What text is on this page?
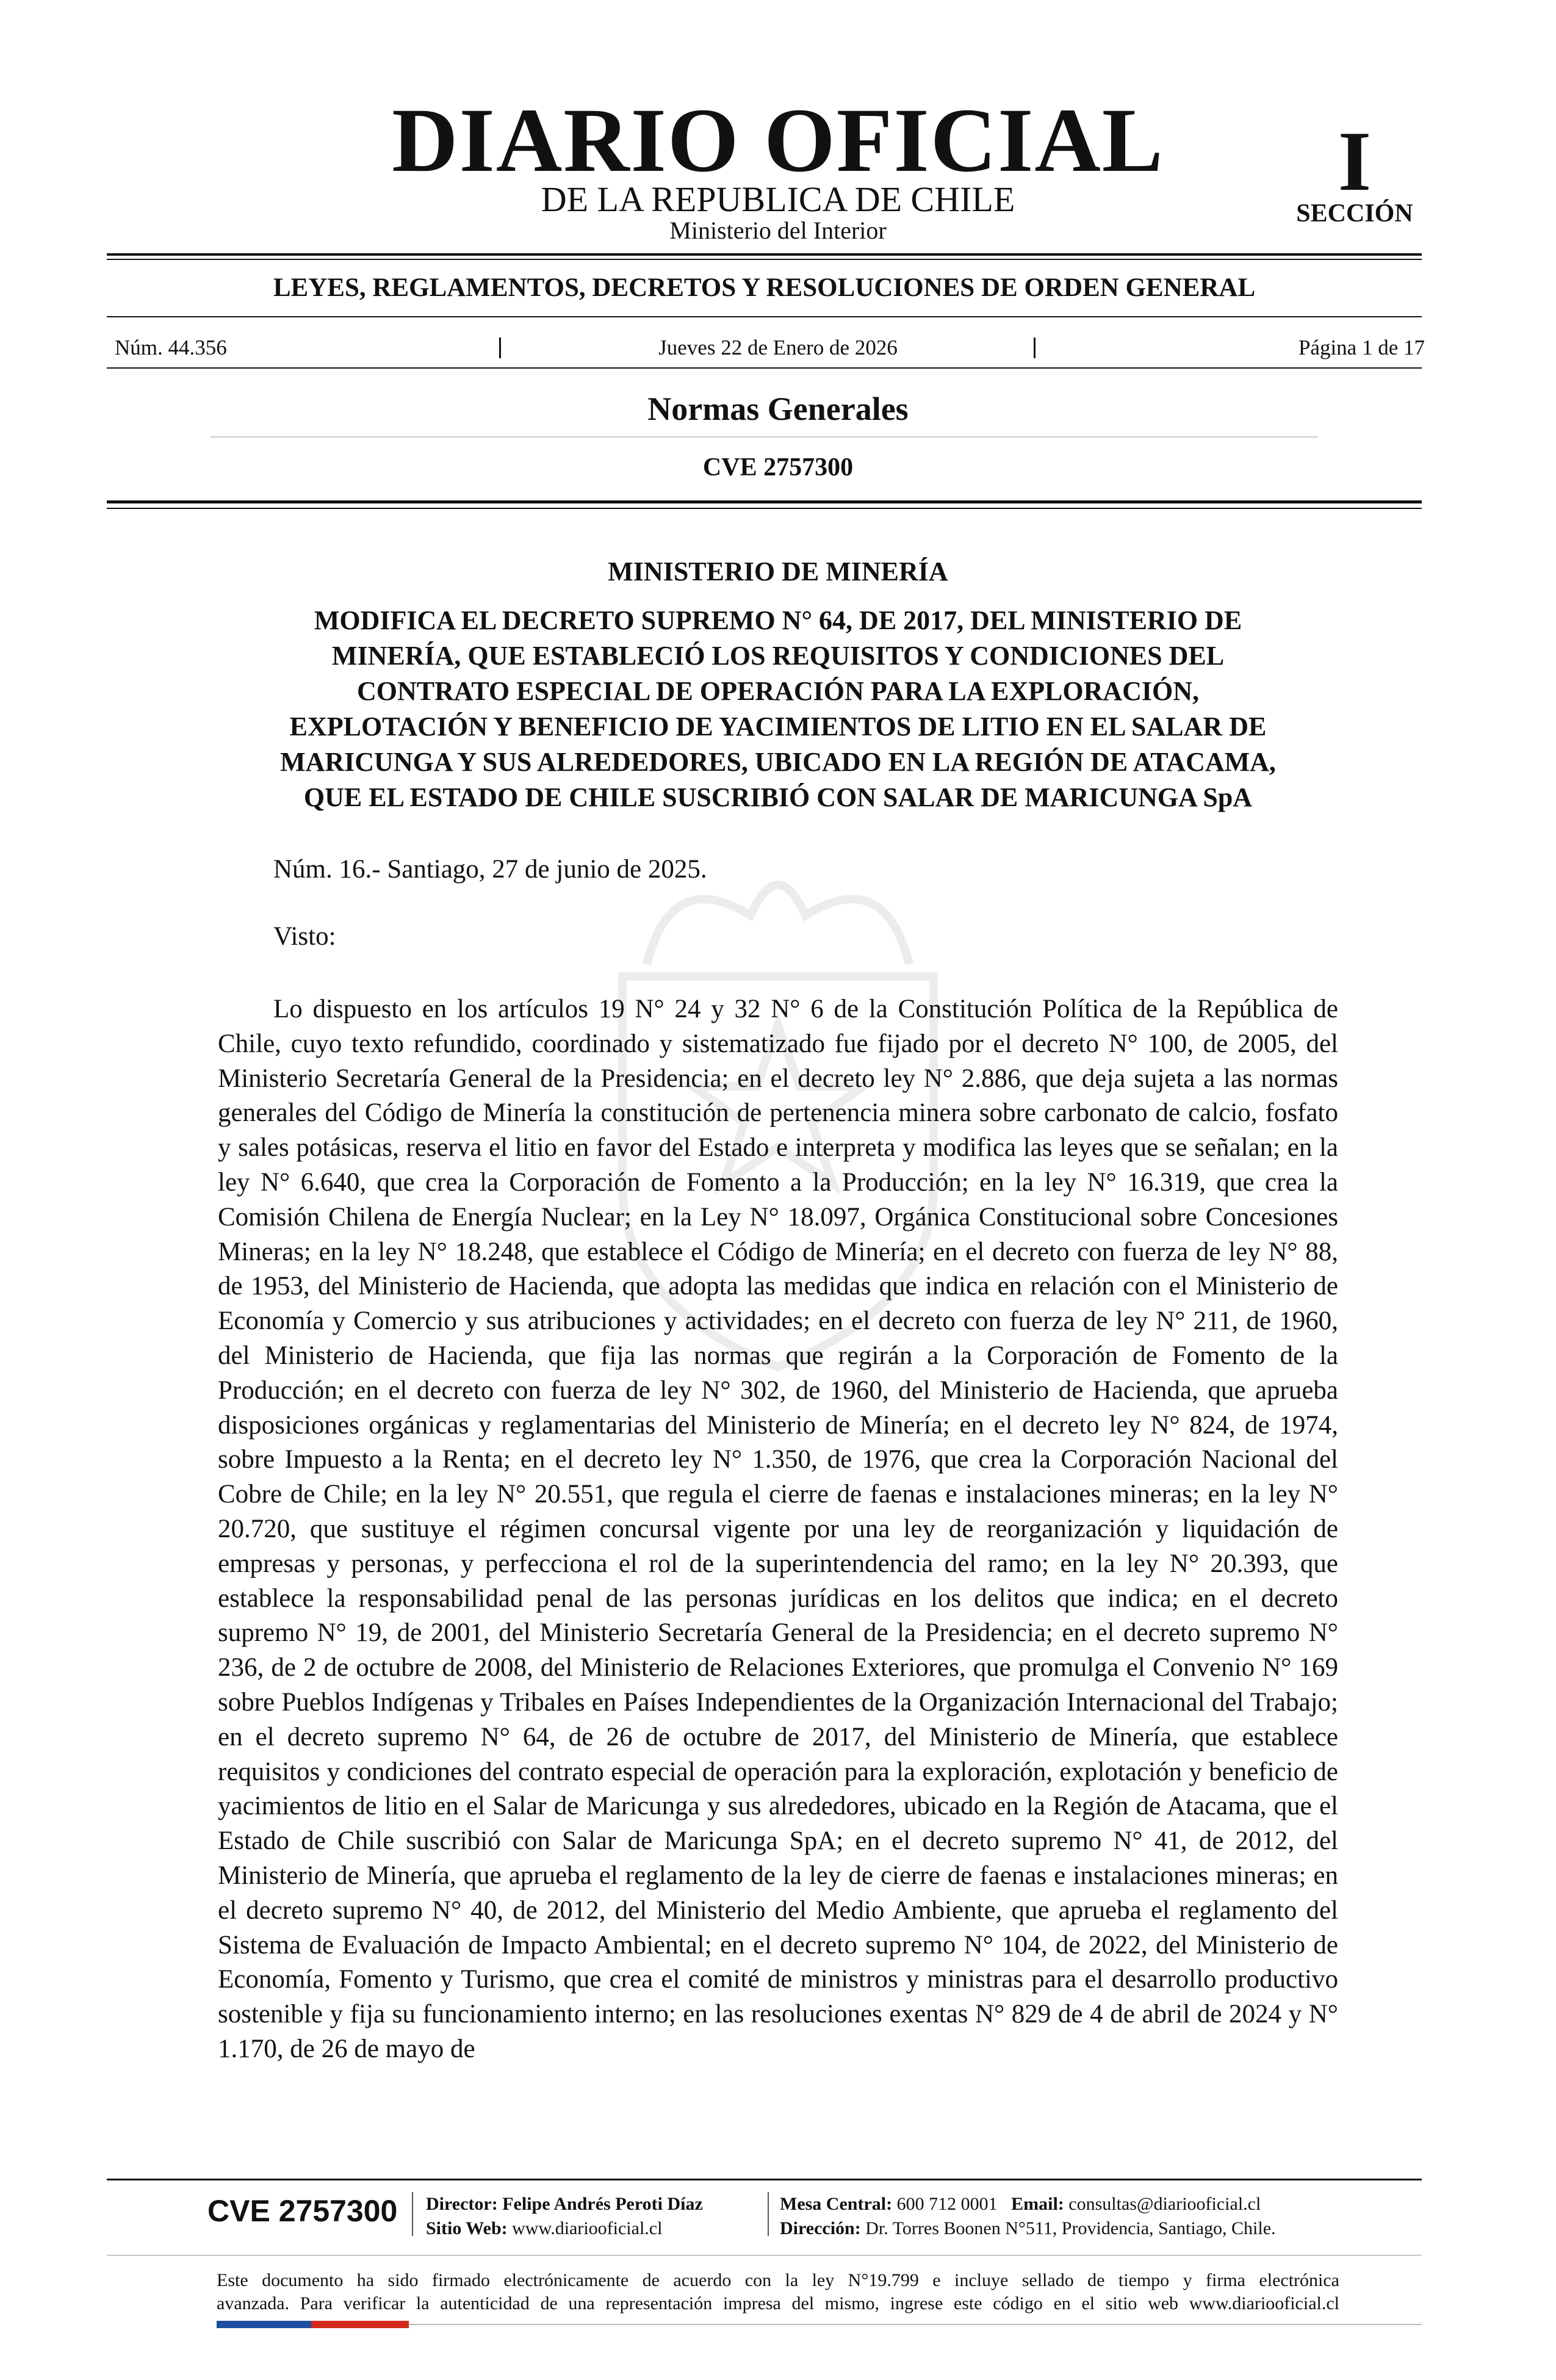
DIARIO OFICIAL
DE LA REPUBLICA DE CHILE
Ministerio del Interior
I
SECCIÓN
LEYES, REGLAMENTOS, DECRETOS Y RESOLUCIONES DE ORDEN GENERAL
Núm. 44.356	Jueves 22 de Enero de 2026	Página 1 de 17
Normas Generales
CVE 2757300
MINISTERIO DE MINERÍA
MODIFICA EL DECRETO SUPREMO N° 64, DE 2017, DEL MINISTERIO DE
MINERÍA, QUE ESTABLECIÓ LOS REQUISITOS Y CONDICIONES DEL
CONTRATO ESPECIAL DE OPERACIÓN PARA LA EXPLORACIÓN,
EXPLOTACIÓN Y BENEFICIO DE YACIMIENTOS DE LITIO EN EL SALAR DE
MARICUNGA Y SUS ALREDEDORES, UBICADO EN LA REGIÓN DE ATACAMA,
QUE EL ESTADO DE CHILE SUSCRIBIÓ CON SALAR DE MARICUNGA SpA
Núm. 16.- Santiago, 27 de junio de 2025.
Visto:

Lo dispuesto en los artículos 19 N° 24 y 32 N° 6 de la Constitución Política de la República de Chile, cuyo texto refundido, coordinado y sistematizado fue fijado por el decreto N° 100, de 2005, del Ministerio Secretaría General de la Presidencia; en el decreto ley N° 2.886, que deja sujeta a las normas generales del Código de Minería la constitución de pertenencia minera sobre carbonato de calcio, fosfato y sales potásicas, reserva el litio en favor del Estado e interpreta y modifica las leyes que se señalan; en la ley N° 6.640, que crea la Corporación de Fomento a la Producción; en la ley N° 16.319, que crea la Comisión Chilena de Energía Nuclear; en la Ley N° 18.097, Orgánica Constitucional sobre Concesiones Mineras; en la ley N° 18.248, que establece el Código de Minería; en el decreto con fuerza de ley N° 88, de 1953, del Ministerio de Hacienda, que adopta las medidas que indica en relación con el Ministerio de Economía y Comercio y sus atribuciones y actividades; en el decreto con fuerza de ley N° 211, de 1960, del Ministerio de Hacienda, que fija las normas que regirán a la Corporación de Fomento de la Producción; en el decreto con fuerza de ley N° 302, de 1960, del Ministerio de Hacienda, que aprueba disposiciones orgánicas y reglamentarias del Ministerio de Minería; en el decreto ley N° 824, de 1974, sobre Impuesto a la Renta; en el decreto ley N° 1.350, de 1976, que crea la Corporación Nacional del Cobre de Chile; en la ley N° 20.551, que regula el cierre de faenas e instalaciones mineras; en la ley N° 20.720, que sustituye el régimen concursal vigente por una ley de reorganización y liquidación de empresas y personas, y perfecciona el rol de la superintendencia del ramo; en la ley N° 20.393, que establece la responsabilidad penal de las personas jurídicas en los delitos que indica; en el decreto supremo N° 19, de 2001, del Ministerio Secretaría General de la Presidencia; en el decreto supremo N° 236, de 2 de octubre de 2008, del Ministerio de Relaciones Exteriores, que promulga el Convenio N° 169 sobre Pueblos Indígenas y Tribales en Países Independientes de la Organización Internacional del Trabajo; en el decreto supremo N° 64, de 26 de octubre de 2017, del Ministerio de Minería, que establece requisitos y condiciones del contrato especial de operación para la exploración, explotación y beneficio de yacimientos de litio en el Salar de Maricunga y sus alrededores, ubicado en la Región de Atacama, que el Estado de Chile suscribió con Salar de Maricunga SpA; en el decreto supremo N° 41, de 2012, del Ministerio de Minería, que aprueba el reglamento de la ley de cierre de faenas e instalaciones mineras; en el decreto supremo N° 40, de 2012, del Ministerio del Medio Ambiente, que aprueba el reglamento del Sistema de Evaluación de Impacto Ambiental; en el decreto supremo N° 104, de 2022, del Ministerio de Economía, Fomento y Turismo, que crea el comité de ministros y ministras para el desarrollo productivo sostenible y fija su funcionamiento interno; en las resoluciones exentas N° 829 de 4 de abril de 2024 y N° 1.170, de 26 de mayo de

CVE 2757300 Director: Felipe Andrés Peroti Díaz
Sitio Web: www.diariooficial.cl
Mesa Central: 600 712 0001 Email: consultas@diariooficial.cl
Dirección: Dr. Torres Boonen N°511, Providencia, Santiago, Chile.
Este documento ha sido firmado electrónicamente de acuerdo con la ley N°19.799 e incluye sellado de tiempo y firma electrónica
avanzada. Para verificar la autenticidad de una representación impresa del mismo, ingrese este código en el sitio web www.diariooficial.cl
